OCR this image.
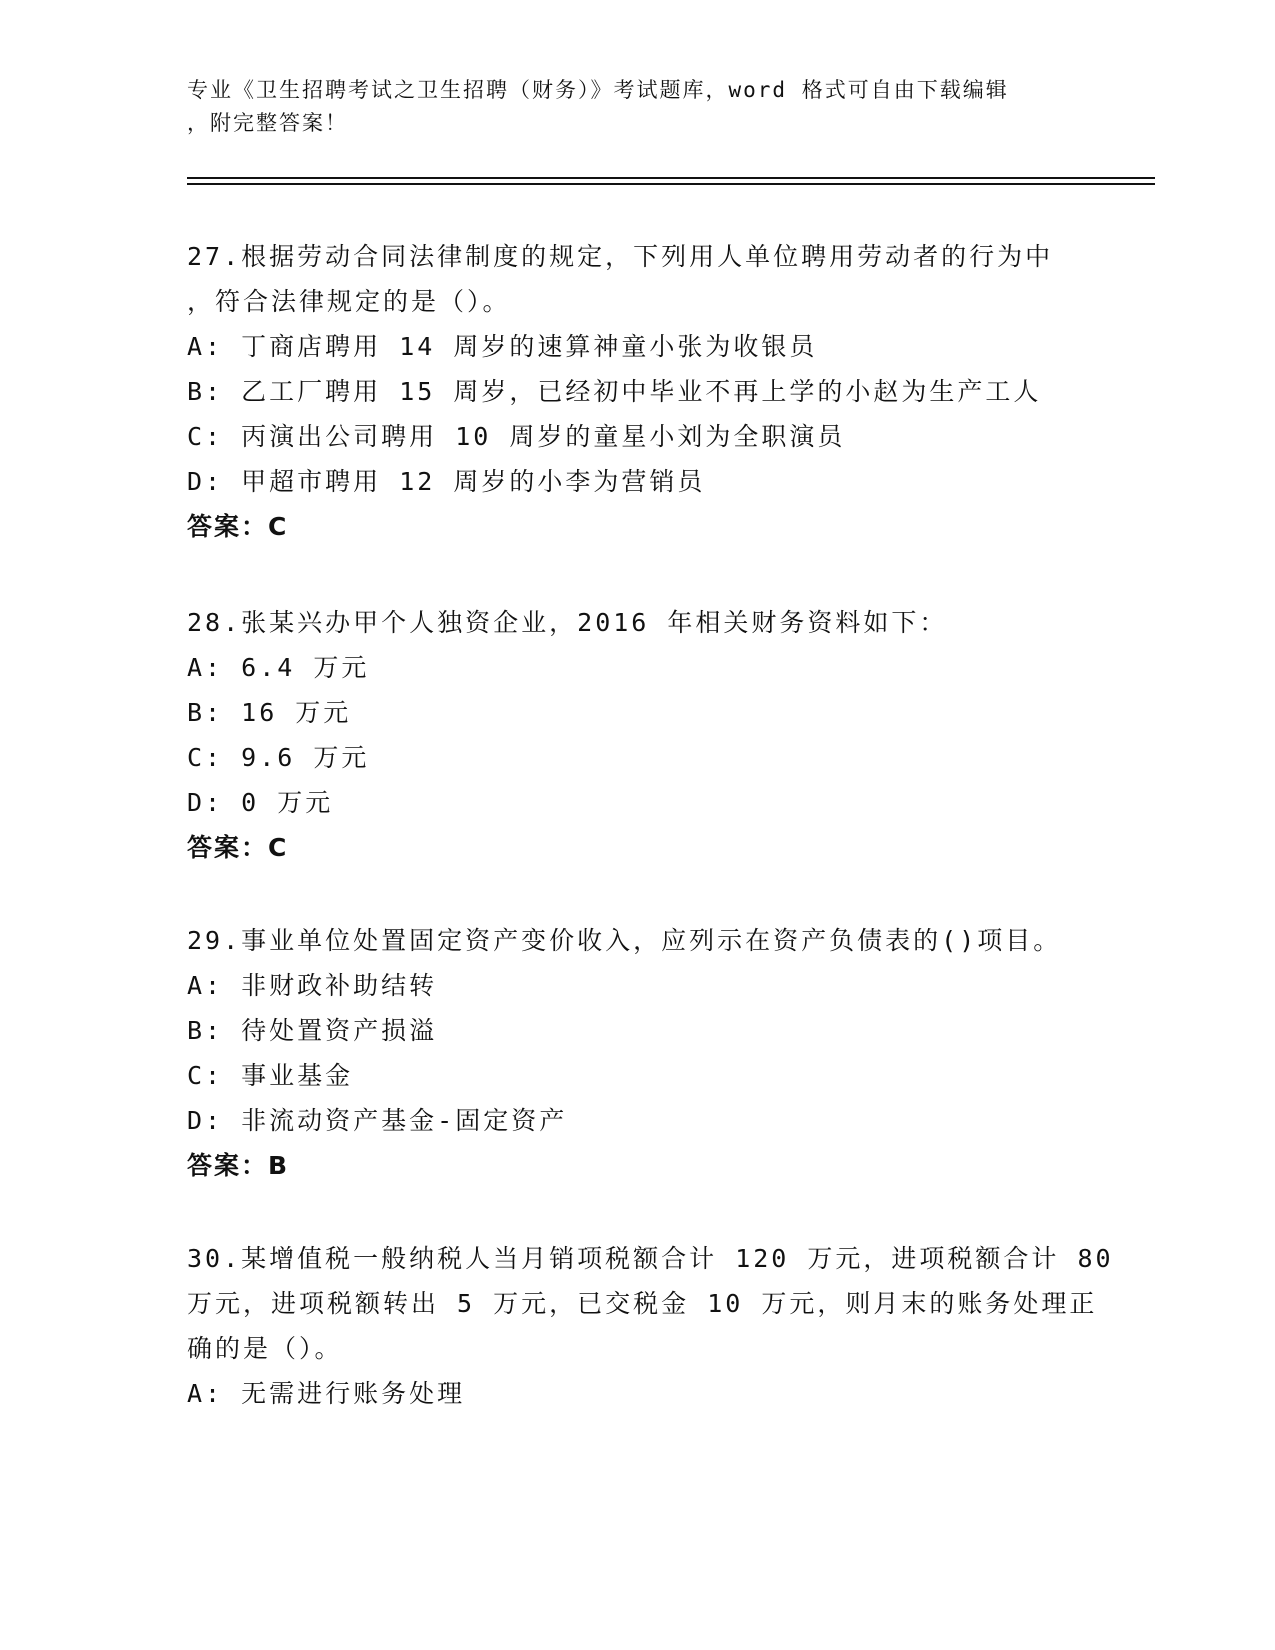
专业《卫生招聘考试之卫生招聘（财务）》考试题库，word 格式可自由下载编辑
，附完整答案！
27.根据劳动合同法律制度的规定，下列用人单位聘用劳动者的行为中
，符合法律规定的是（）。
A: 丁商店聘用 14 周岁的速算神童小张为收银员
B: 乙工厂聘用 15 周岁，已经初中毕业不再上学的小赵为生产工人
C: 丙演出公司聘用 10 周岁的童星小刘为全职演员
D: 甲超市聘用 12 周岁的小李为营销员
答案：C
28.张某兴办甲个人独资企业，2016 年相关财务资料如下：
A: 6.4 万元
B: 16 万元
C: 9.6 万元
D: 0 万元
答案：C
29.事业单位处置固定资产变价收入，应列示在资产负债表的()项目。
A: 非财政补助结转
B: 待处置资产损溢
C: 事业基金
D: 非流动资产基金-固定资产
答案：B
30.某增值税一般纳税人当月销项税额合计 120 万元，进项税额合计 80
万元，进项税额转出 5 万元，已交税金 10 万元，则月末的账务处理正
确的是（）。
A: 无需进行账务处理
